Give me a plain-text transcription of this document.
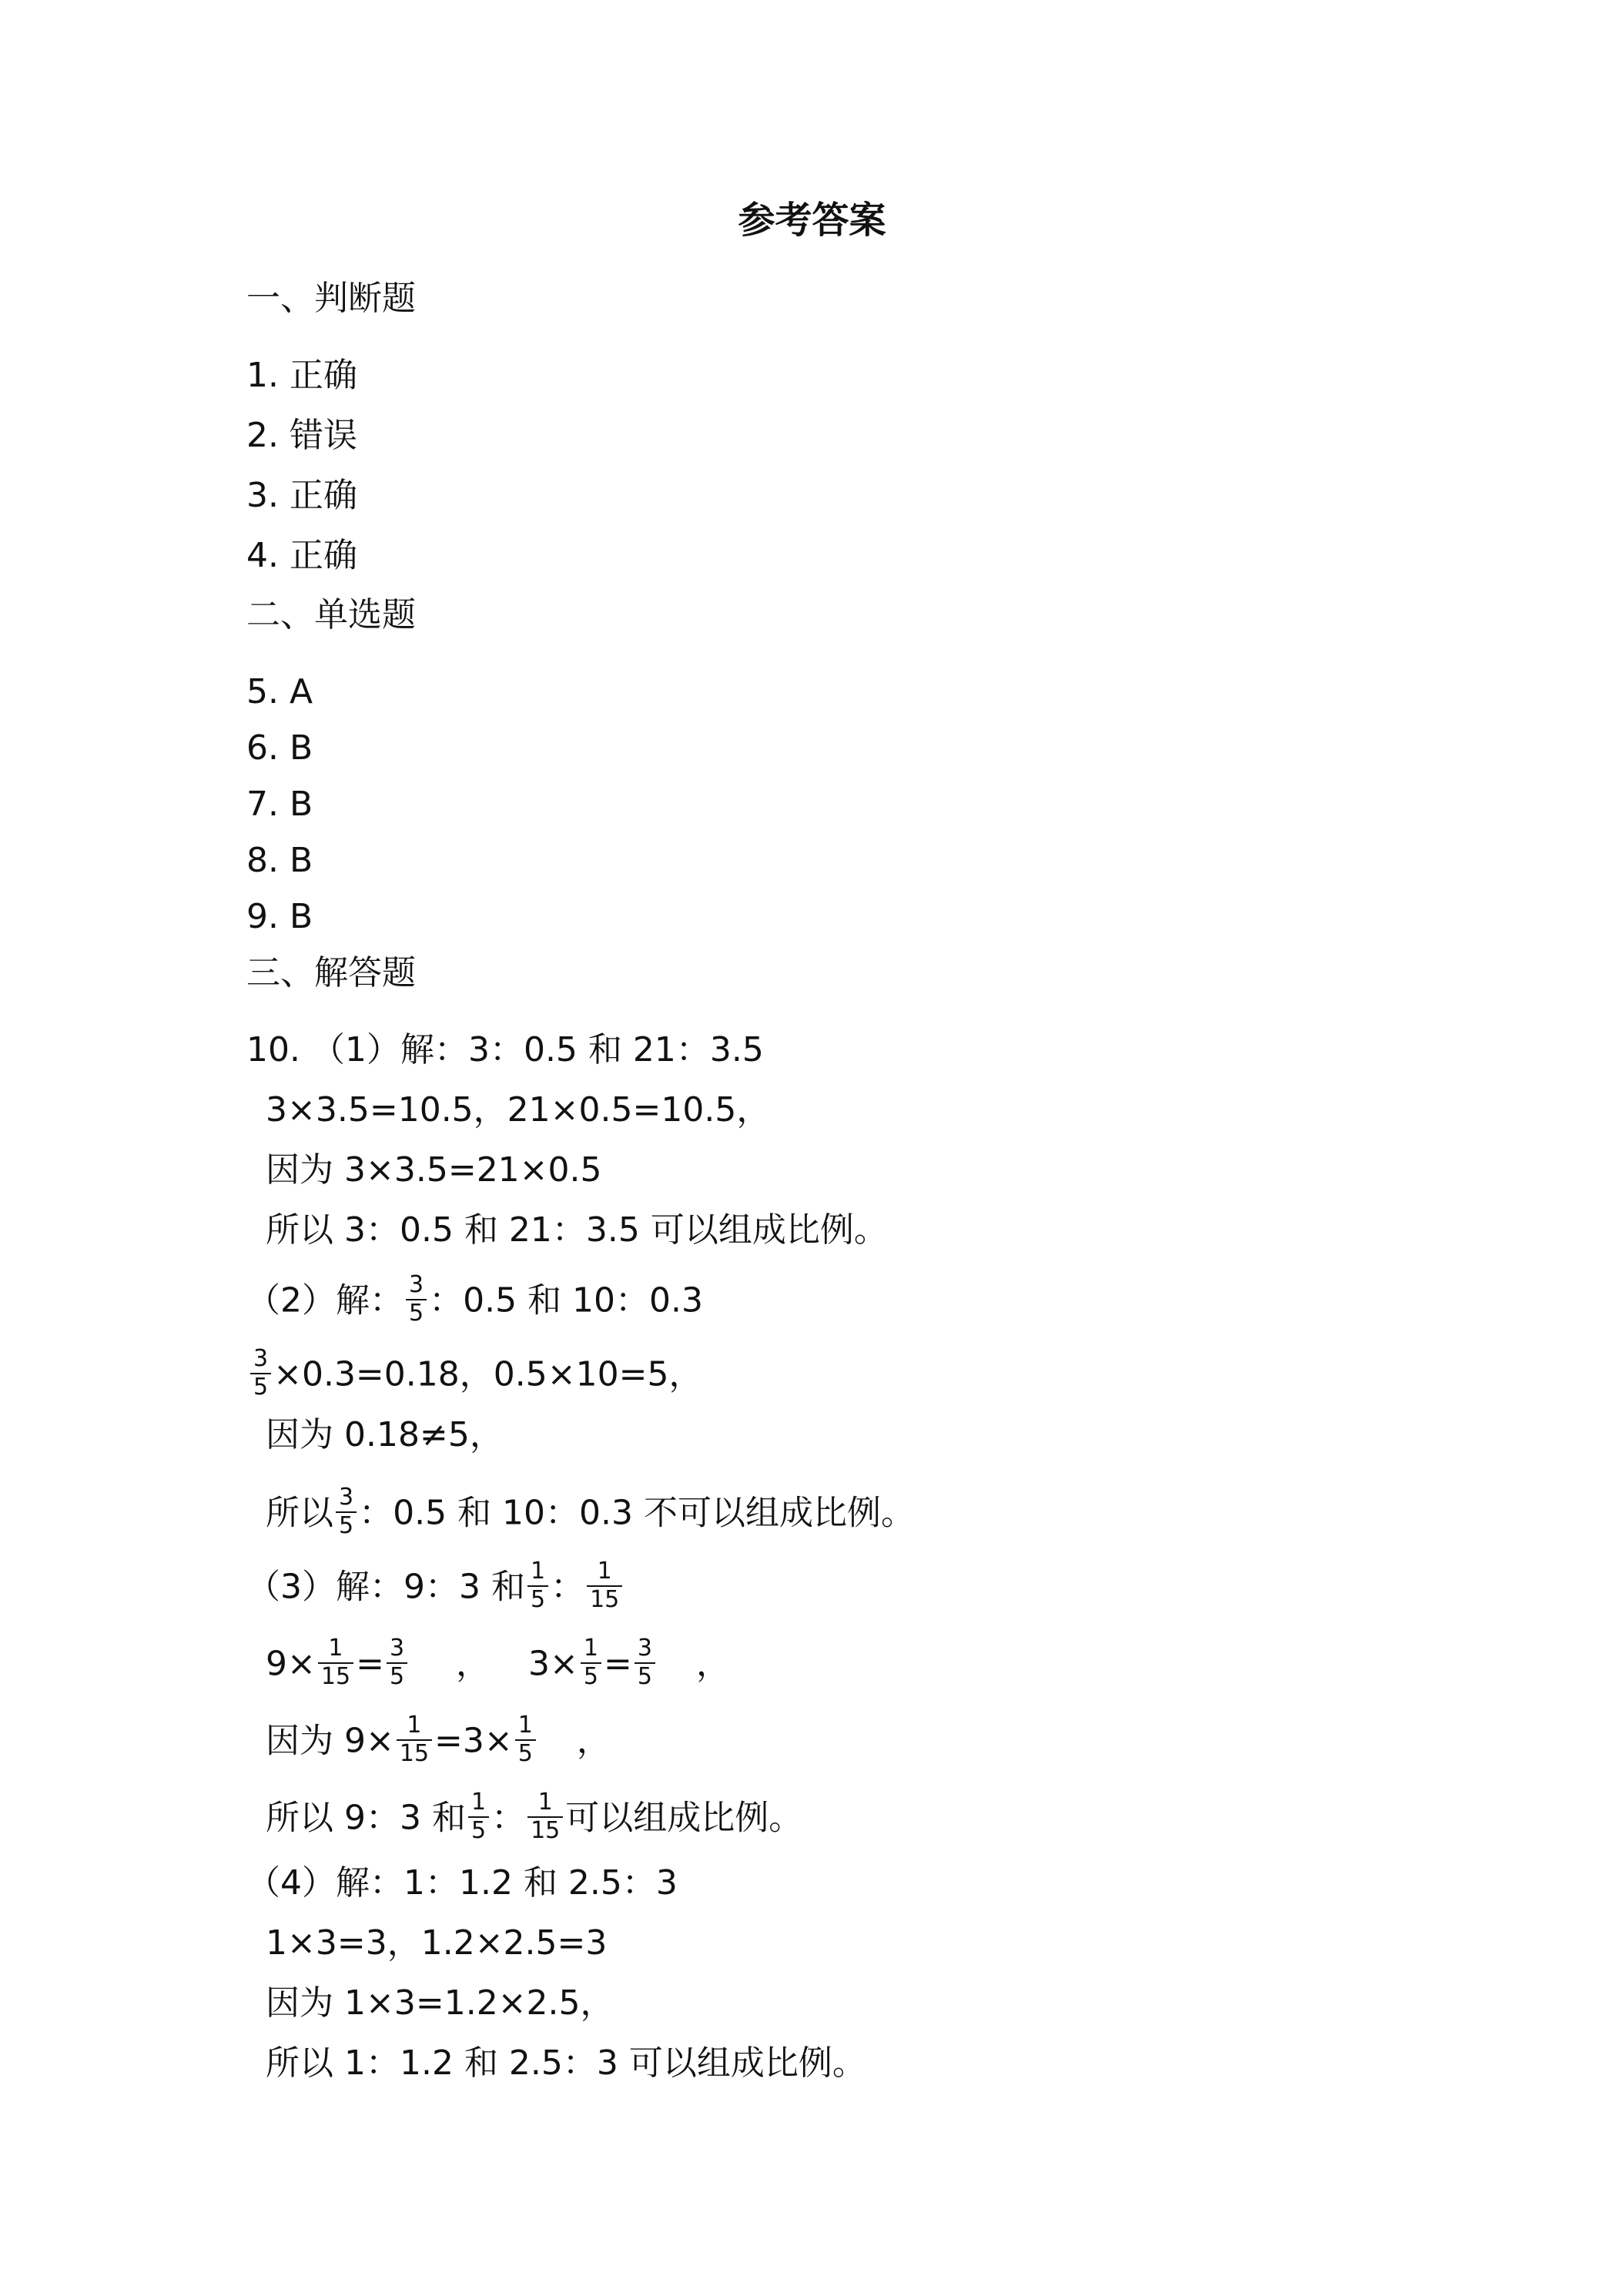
参考答案
一、判断题
1. 正确
2. 错误
3. 正确
4. 正确
二、单选题
5. A
6. B
7. B
8. B
9. B
三、解答题
10. （1）解：3：0.5 和 21：3.5
3×3.5=10.5，21×0.5=10.5，
因为 3×3.5=21×0.5
所以 3：0.5 和 21：3.5 可以组成比例。
（2）解： $\frac{3}{5}$ ：0.5 和 10：0.3
$\frac{3}{5} \times 0.3=0.18$，0.5×10=5，
因为 0.18≠5，
所以 $\frac{3}{5}$ ：0.5 和 10：0.3 不可以组成比例。
（3）解：9：3 和 $\frac{1}{5}$ ： $\frac{1}{15}$
$9\times \frac{1}{15} = \frac{3}{5}$ ， $3\times \frac{1}{5} = \frac{3}{5}$ ，
因为 $9\times \frac{1}{15} =3\times \frac{1}{5}$ ，
所以 9：3 和 $\frac{1}{5}$ ： $\frac{1}{15}$ 可以组成比例。
（4）解：1：1.2 和 2.5：3
1×3=3，1.2×2.5=3
因为 1×3=1.2×2.5，
所以 1：1.2 和 2.5：3 可以组成比例。
